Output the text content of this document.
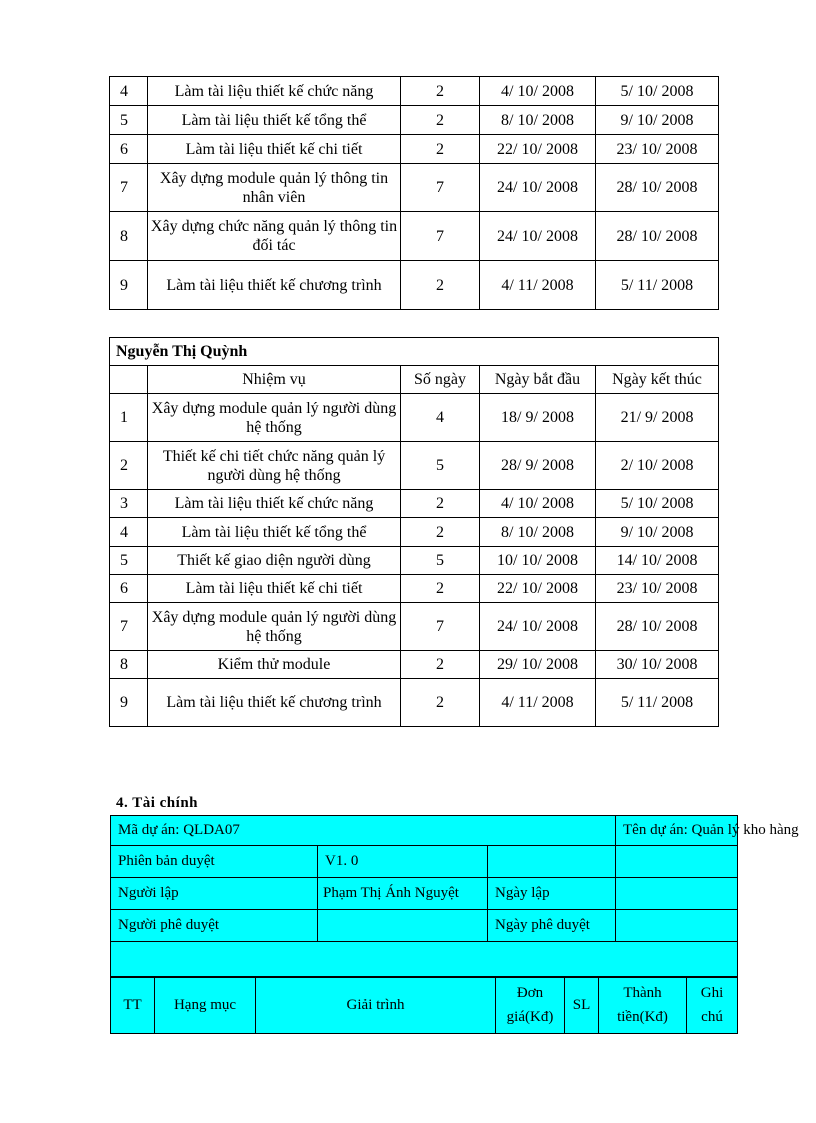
4	Làm tài liệu thiết kế chức năng	2	4/ 10/ 2008	5/ 10/ 2008
5	Làm tài liệu thiết kế tổng thể	2	8/ 10/ 2008	9/ 10/ 2008
6	Làm tài liệu thiết kế chi tiết	2	22/ 10/ 2008	23/ 10/ 2008
7	Xây dựng module quản lý thông tin nhân viên	7	24/ 10/ 2008	28/ 10/ 2008
8	Xây dựng chức năng quản lý thông tin đối tác	7	24/ 10/ 2008	28/ 10/ 2008
9	Làm tài liệu thiết kế chương trình	2	4/ 11/ 2008	5/ 11/ 2008
Nguyễn Thị Quỳnh				
	Nhiệm vụ	Số ngày	Ngày bắt đầu	Ngày kết thúc
1	Xây dựng module quản lý người dùng hệ thống	4	18/ 9/ 2008	21/ 9/ 2008
2	Thiết kế chi tiết chức năng quản lý người dùng hệ thống	5	28/ 9/ 2008	2/ 10/ 2008
3	Làm tài liệu thiết kế chức năng	2	4/ 10/ 2008	5/ 10/ 2008
4	Làm tài liệu thiết kế tổng thể	2	8/ 10/ 2008	9/ 10/ 2008
5	Thiết kế giao diện người dùng	5	10/ 10/ 2008	14/ 10/ 2008
6	Làm tài liệu thiết kế chi tiết	2	22/ 10/ 2008	23/ 10/ 2008
7	Xây dựng module quản lý người dùng hệ thống	7	24/ 10/ 2008	28/ 10/ 2008
8	Kiểm thử module	2	29/ 10/ 2008	30/ 10/ 2008
9	Làm tài liệu thiết kế chương trình	2	4/ 11/ 2008	5/ 11/ 2008
4. Tài chính
Mã dự án: QLDA07			Tên dự án: Quản lý kho hàng
Phiên bản duyệt	V1. 0		
Người lập	Phạm Thị Ánh Nguyệt	Ngày lập	
Người phê duyệt		Ngày phê duyệt	

TT	Hạng mục	Giải trình	Đơn giá(Kđ)	SL	Thành tiền(Kđ)	Ghi chú
